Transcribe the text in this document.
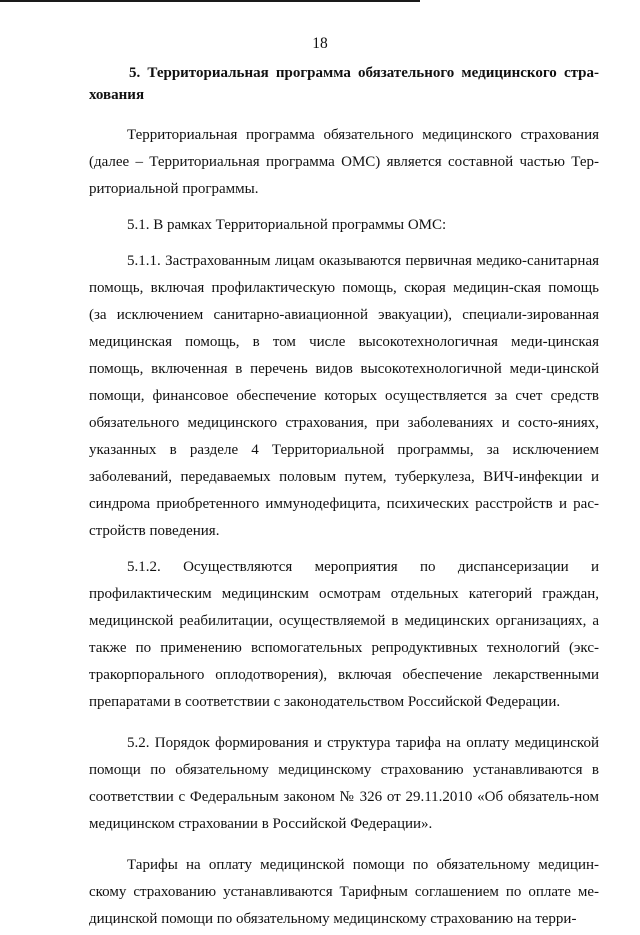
18
5. Территориальная программа обязательного медицинского стра-хования

Территориальная программа обязательного медицинского страхования (далее – Территориальная программа ОМС) является составной частью Тер-риториальной программы.

5.1. В рамках Территориальной программы ОМС:

5.1.1. Застрахованным лицам оказываются первичная медико-санитарная помощь, включая профилактическую помощь, скорая медицин-ская помощь (за исключением санитарно-авиационной эвакуации), специали-зированная медицинская помощь, в том числе высокотехнологичная меди-цинская помощь, включенная в перечень видов высокотехнологичной меди-цинской помощи, финансовое обеспечение которых осуществляется за счет средств обязательного медицинского страхования, при заболеваниях и состо-яниях, указанных в разделе 4 Территориальной программы, за исключением заболеваний, передаваемых половым путем, туберкулеза, ВИЧ-инфекции и синдрома приобретенного иммунодефицита, психических расстройств и рас-стройств поведения.

5.1.2. Осуществляются мероприятия по диспансеризации и профилактическим медицинским осмотрам отдельных категорий граждан, медицинской реабилитации, осуществляемой в медицинских организациях, а также по применению вспомогательных репродуктивных технологий (экс-тракорпорального оплодотворения), включая обеспечение лекарственными препаратами в соответствии с законодательством Российской Федерации.

5.2. Порядок формирования и структура тарифа на оплату медицинской помощи по обязательному медицинскому страхованию устанавливаются в соответствии с Федеральным законом № 326 от 29.11.2010 «Об обязатель-ном медицинском страховании в Российской Федерации».

Тарифы на оплату медицинской помощи по обязательному медицин-скому страхованию устанавливаются Тарифным соглашением по оплате ме-дицинской помощи по обязательному медицинскому страхованию на терри-
